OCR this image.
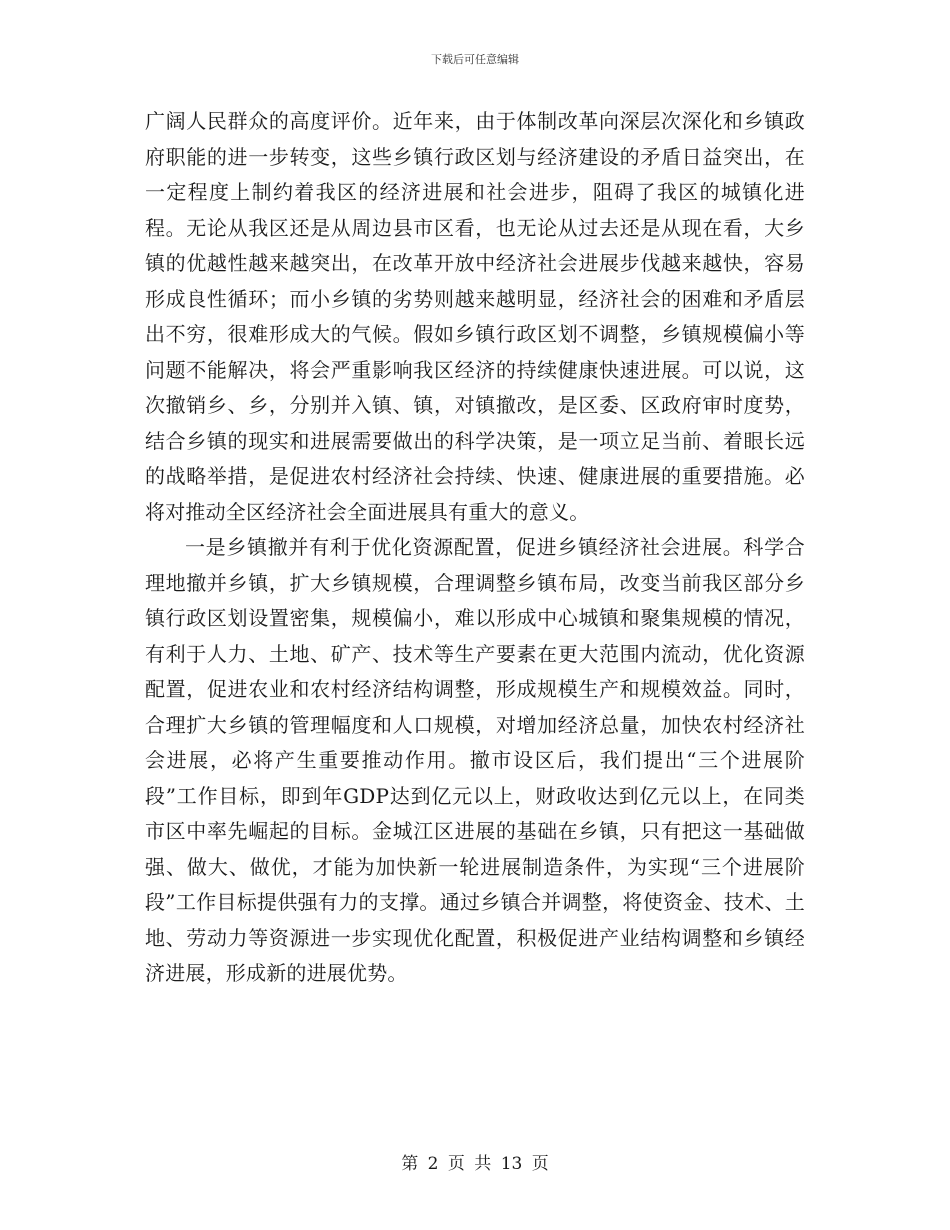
下载后可任意编辑

广阔人民群众的高度评价。近年来，由于体制改革向深层次深化和乡镇政府职能的进一步转变，这些乡镇行政区划与经济建设的矛盾日益突出，在一定程度上制约着我区的经济进展和社会进步，阻碍了我区的城镇化进程。无论从我区还是从周边县市区看，也无论从过去还是从现在看，大乡镇的优越性越来越突出，在改革开放中经济社会进展步伐越来越快，容易形成良性循环；而小乡镇的劣势则越来越明显，经济社会的困难和矛盾层出不穷，很难形成大的气候。假如乡镇行政区划不调整，乡镇规模偏小等问题不能解决，将会严重影响我区经济的持续健康快速进展。可以说，这次撤销乡、乡，分别并入镇、镇，对镇撤改，是区委、区政府审时度势，结合乡镇的现实和进展需要做出的科学决策，是一项立足当前、着眼长远的战略举措，是促进农村经济社会持续、快速、健康进展的重要措施。必将对推动全区经济社会全面进展具有重大的意义。

一是乡镇撤并有利于优化资源配置，促进乡镇经济社会进展。科学合理地撤并乡镇，扩大乡镇规模，合理调整乡镇布局，改变当前我区部分乡镇行政区划设置密集，规模偏小，难以形成中心城镇和聚集规模的情况，有利于人力、土地、矿产、技术等生产要素在更大范围内流动，优化资源配置，促进农业和农村经济结构调整，形成规模生产和规模效益。同时，合理扩大乡镇的管理幅度和人口规模，对增加经济总量，加快农村经济社会进展，必将产生重要推动作用。撤市设区后，我们提出“三个进展阶段”工作目标，即到年GDP达到亿元以上，财政收达到亿元以上，在同类市区中率先崛起的目标。金城江区进展的基础在乡镇，只有把这一基础做强、做大、做优，才能为加快新一轮进展制造条件，为实现“三个进展阶段”工作目标提供强有力的支撑。通过乡镇合并调整，将使资金、技术、土地、劳动力等资源进一步实现优化配置，积极促进产业结构调整和乡镇经济进展，形成新的进展优势。

第 2 页 共 13 页
